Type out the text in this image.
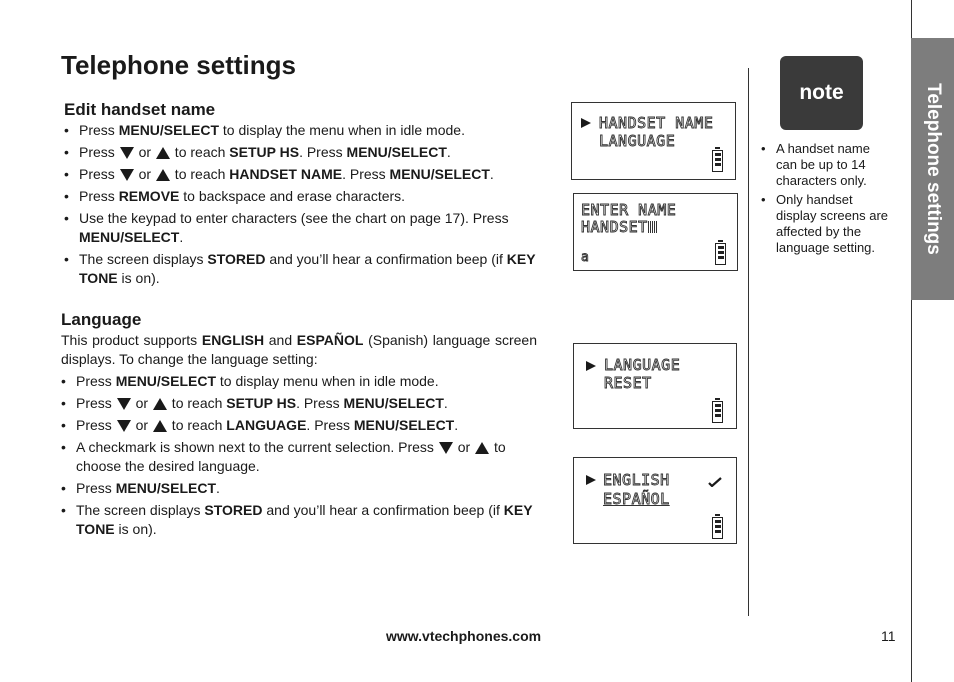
Telephone settings
Edit handset name
• Press MENU/SELECT to display the menu when in idle mode.
• Press  or  to reach SETUP HS. Press MENU/SELECT.
• Press  or  to reach HANDSET NAME. Press MENU/SELECT.
• Press REMOVE to backspace and erase characters.
• Use the keypad to enter characters (see the chart on page 17). Press MENU/SELECT.
• The screen displays STORED and you’ll hear a confirmation beep (if KEY TONE is on).
Language

This product supports ENGLISH and ESPAÑOL (Spanish) language screen displays. To change the language setting:

• Press MENU/SELECT to display menu when in idle mode.
• Press  or  to reach SETUP HS. Press MENU/SELECT.
• Press  or  to reach LANGUAGE. Press MENU/SELECT.
• A checkmark is shown next to the current selection. Press  or  to choose the desired language.
• Press MENU/SELECT.
• The screen displays STORED and you’ll hear a confirmation beep (if KEY TONE is on).
HANDSET NAME
LANGUAGE
ENTER NAME
HANDSET
a
LANGUAGE
RESET
ENGLISH
ESPAÑOL
note
• A handset name can be up to 14 characters only.
• Only handset display screens are affected by the language setting.	Telephone settings
www.vtechphones.com	11
